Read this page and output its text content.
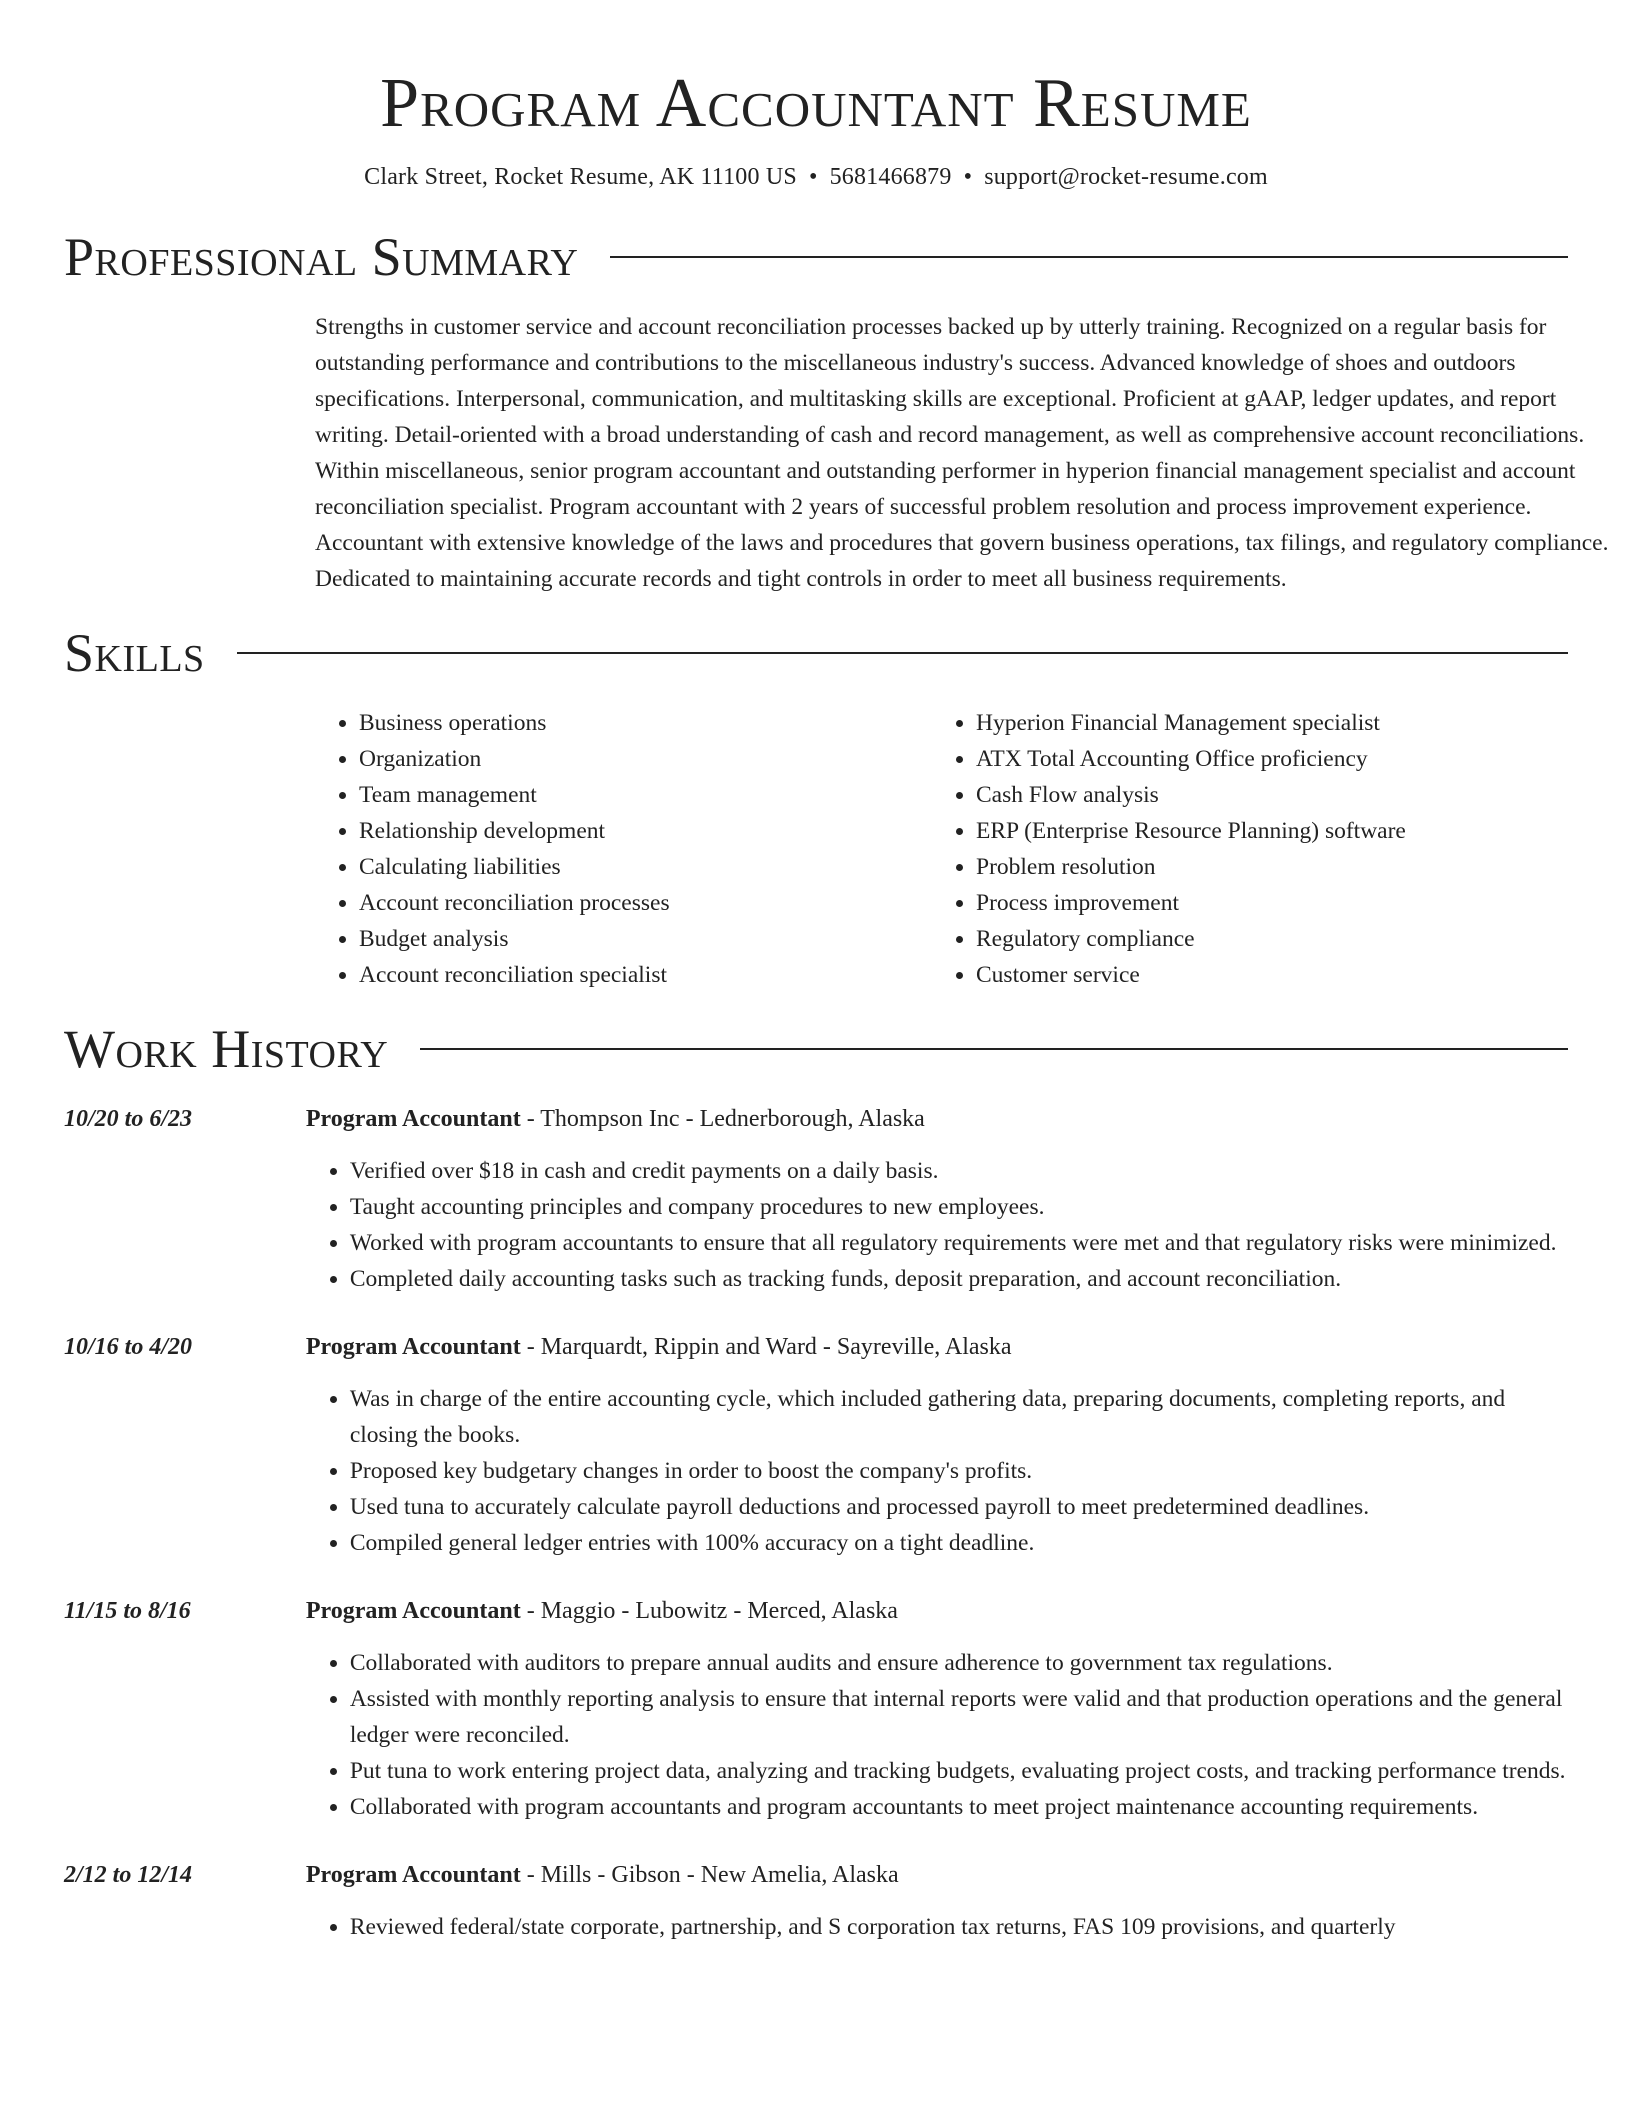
Program Accountant Resume
Clark Street, Rocket Resume, AK 11100 US • 5681466879 • support@rocket-resume.com
Professional Summary
Strengths in customer service and account reconciliation processes backed up by utterly training. Recognized on a regular basis for outstanding performance and contributions to the miscellaneous industry's success. Advanced knowledge of shoes and outdoors specifications. Interpersonal, communication, and multitasking skills are exceptional. Proficient at gAAP, ledger updates, and report writing. Detail-oriented with a broad understanding of cash and record management, as well as comprehensive account reconciliations. Within miscellaneous, senior program accountant and outstanding performer in hyperion financial management specialist and account reconciliation specialist. Program accountant with 2 years of successful problem resolution and process improvement experience. Accountant with extensive knowledge of the laws and procedures that govern business operations, tax filings, and regulatory compliance. Dedicated to maintaining accurate records and tight controls in order to meet all business requirements.
Skills
• Business operations
• Organization
• Team management
• Relationship development
• Calculating liabilities
• Account reconciliation processes
• Budget analysis
• Account reconciliation specialist
• Hyperion Financial Management specialist
• ATX Total Accounting Office proficiency
• Cash Flow analysis
• ERP (Enterprise Resource Planning) software
• Problem resolution
• Process improvement
• Regulatory compliance
• Customer service
Work History
10/20 to 6/23	Program Accountant - Thompson Inc - Lednerborough, Alaska
• Verified over $18 in cash and credit payments on a daily basis.
• Taught accounting principles and company procedures to new employees.
• Worked with program accountants to ensure that all regulatory requirements were met and that regulatory risks were minimized.
• Completed daily accounting tasks such as tracking funds, deposit preparation, and account reconciliation.
10/16 to 4/20	Program Accountant - Marquardt, Rippin and Ward - Sayreville, Alaska
• Was in charge of the entire accounting cycle, which included gathering data, preparing documents, completing reports, and closing the books.
• Proposed key budgetary changes in order to boost the company's profits.
• Used tuna to accurately calculate payroll deductions and processed payroll to meet predetermined deadlines.
• Compiled general ledger entries with 100% accuracy on a tight deadline.
11/15 to 8/16	Program Accountant - Maggio - Lubowitz - Merced, Alaska
• Collaborated with auditors to prepare annual audits and ensure adherence to government tax regulations.
• Assisted with monthly reporting analysis to ensure that internal reports were valid and that production operations and the general ledger were reconciled.
• Put tuna to work entering project data, analyzing and tracking budgets, evaluating project costs, and tracking performance trends.
• Collaborated with program accountants and program accountants to meet project maintenance accounting requirements.
2/12 to 12/14	Program Accountant - Mills - Gibson - New Amelia, Alaska
• Reviewed federal/state corporate, partnership, and S corporation tax returns, FAS 109 provisions, and quarterly
